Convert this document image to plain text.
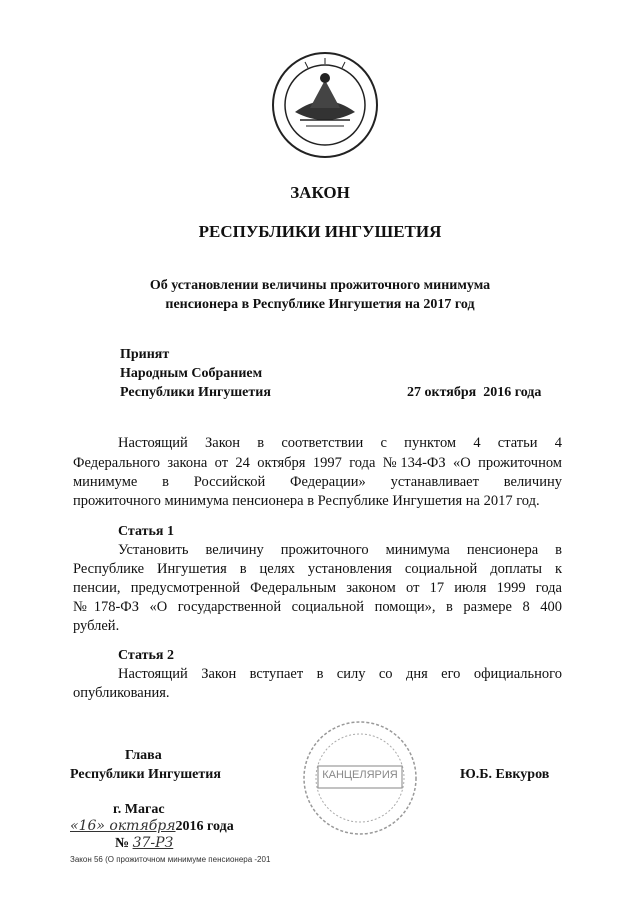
ЗАКОН
РЕСПУБЛИКИ ИНГУШЕТИЯ
Об установлении величины прожиточного минимума
пенсионера в Республике Ингушетия на 2017 год
Принят
Народным Собранием
Республики Ингушетия	27 октября  2016 года
Настоящий Закон в соответствии с пунктом 4 статьи 4
Федерального закона от 24 октября 1997 года №134-ФЗ «О прожиточном
минимуме в Российской Федерации» устанавливает величину
прожиточного минимума пенсионера в Республике Ингушетия на 2017 год.
Статья 1
Установить величину прожиточного минимума пенсионера в
Республике Ингушетия в целях установления социальной доплаты к
пенсии, предусмотренной Федеральным законом от 17 июля 1999 года
№178-ФЗ «О государственной социальной помощи», в размере 8 400
рублей.
Статья 2
Настоящий Закон вступает в силу со дня его официального
опубликования.
Глава
Республики Ингушетия	Ю.Б. Евкуров
КАНЦЕЛЯРИЯ
г. Магас
«16» октября2016 года
№ 37-РЗ
Закон 56 (О прожиточном минимуме пенсионера -201
